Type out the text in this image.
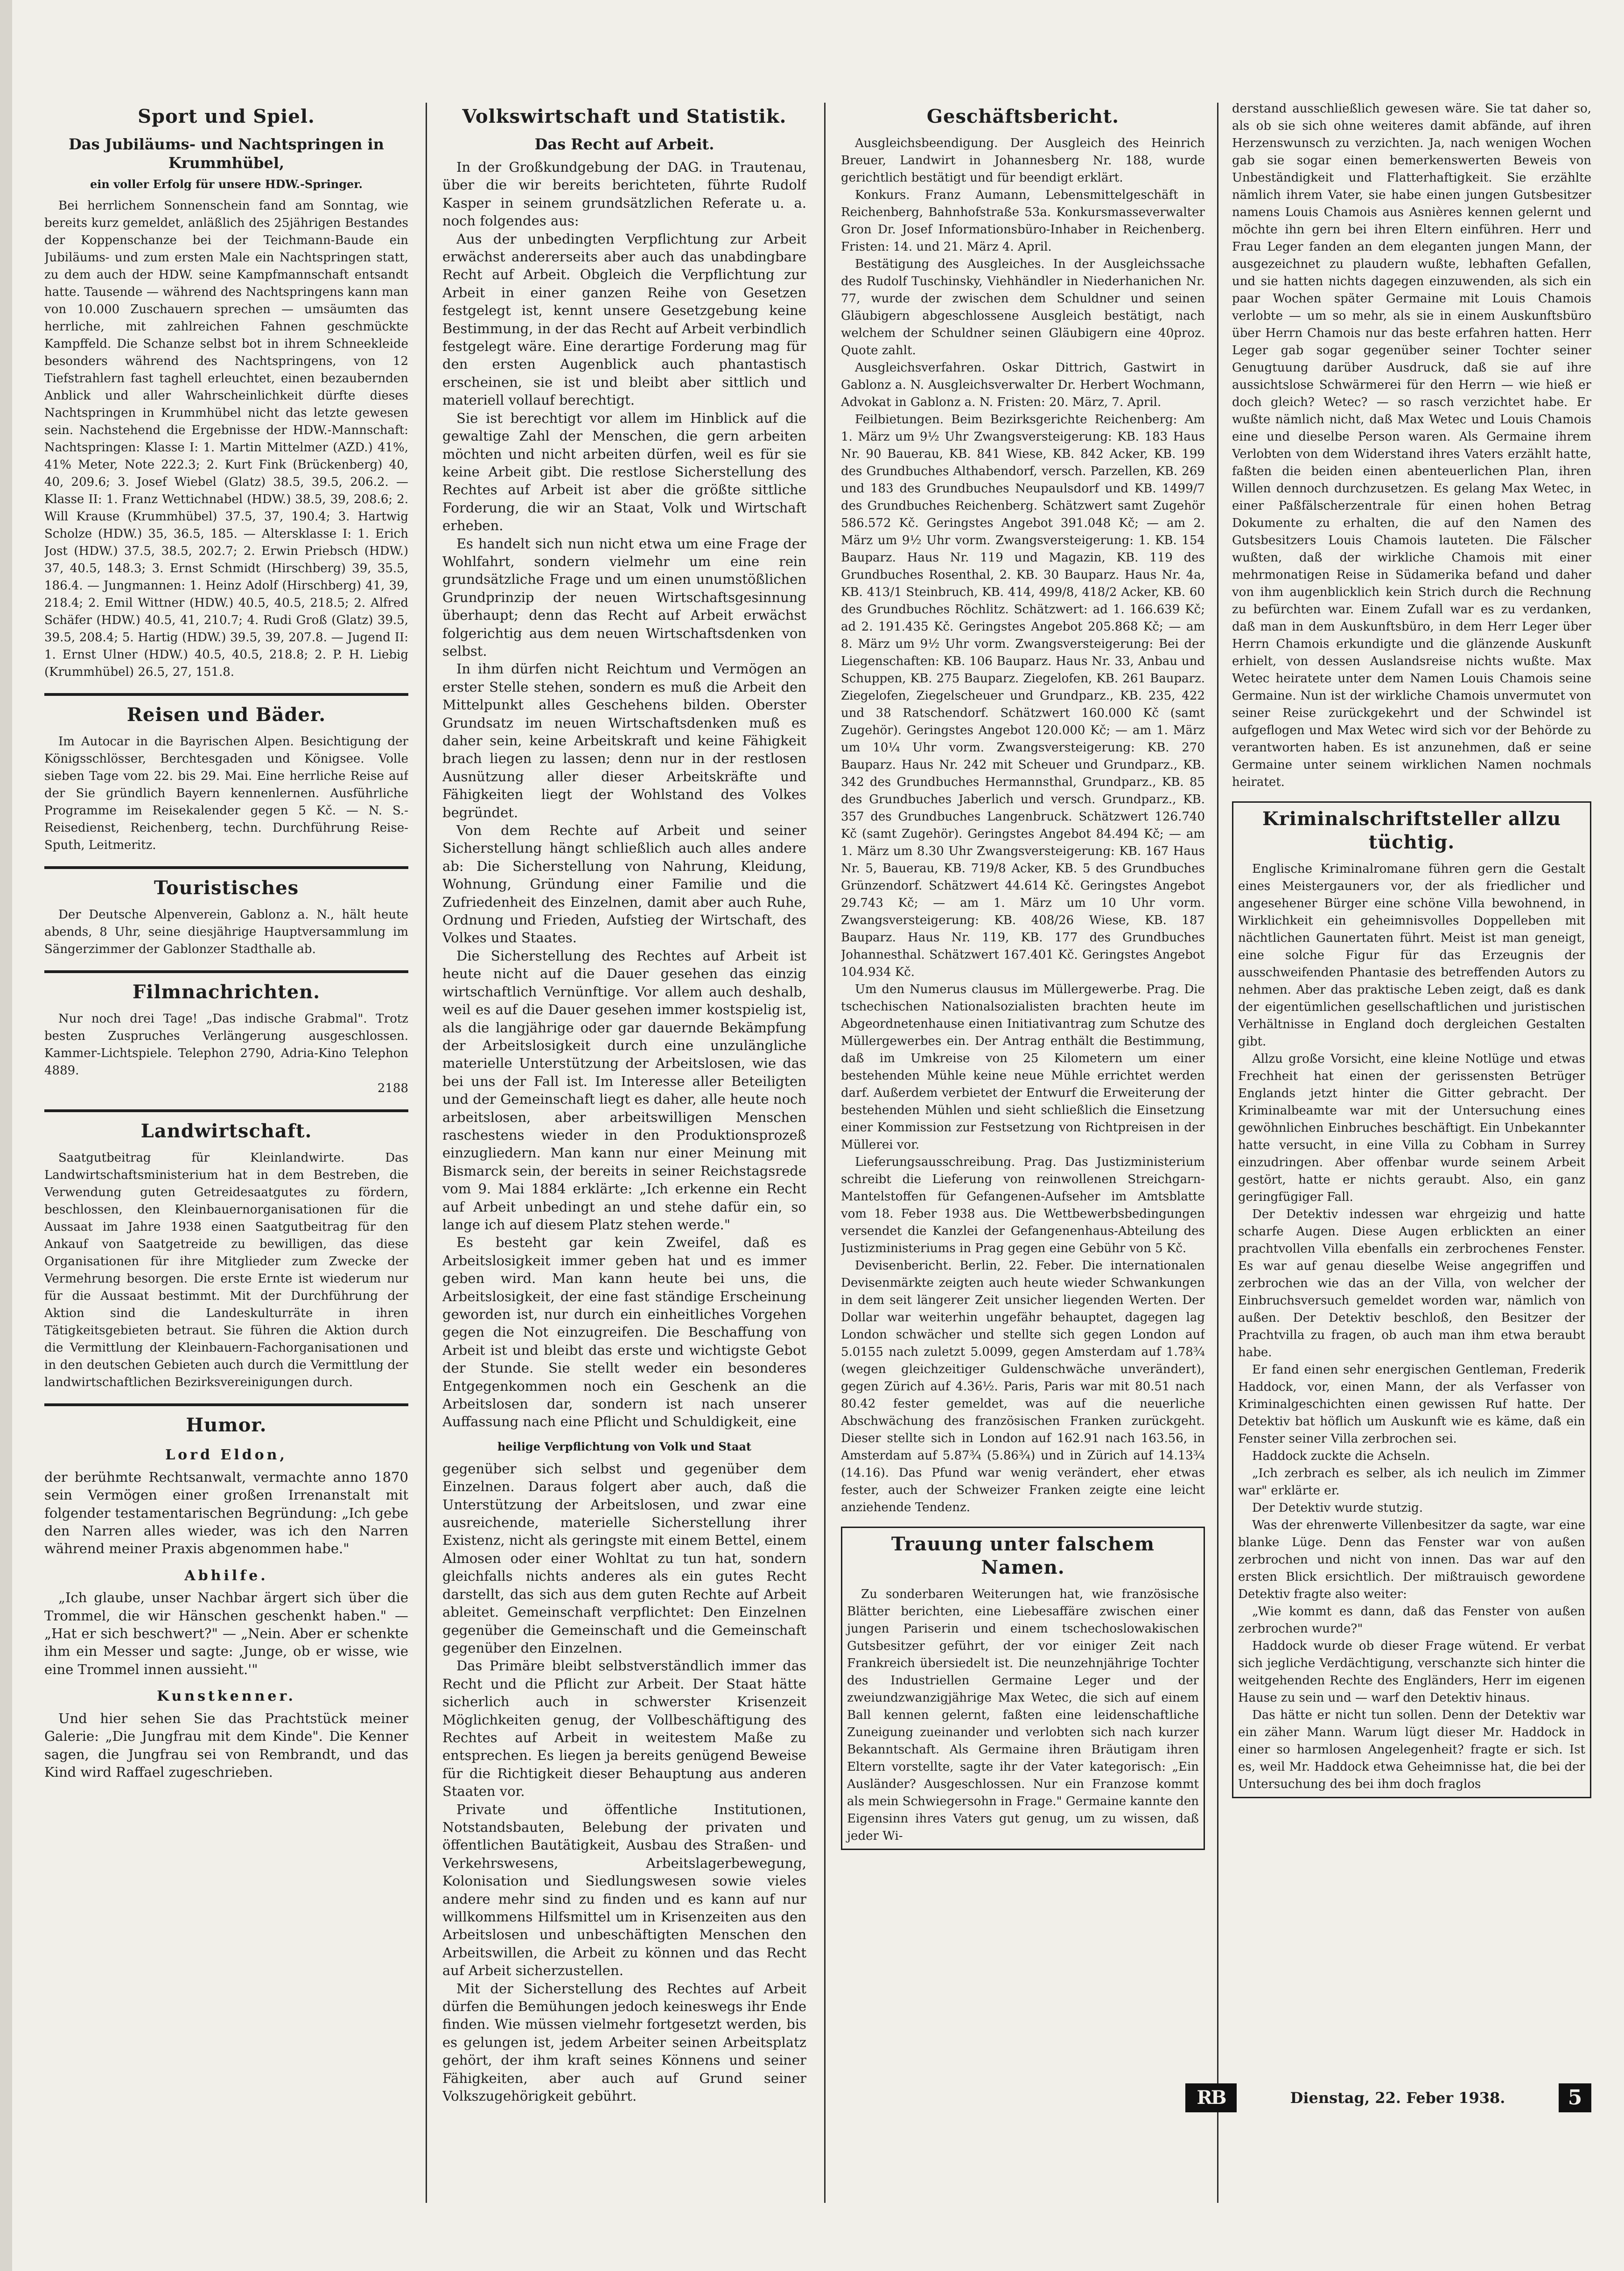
Sport und Spiel.
Das Jubiläums- und Nachtspringen in Krummhübel,
ein voller Erfolg für unsere HDW.-Springer.

Bei herrlichem Sonnenschein fand am Sonntag, wie bereits kurz gemeldet, anläßlich des 25jährigen Bestandes der Koppenschanze bei der Teichmann-Baude ein Jubiläums- und zum ersten Male ein Nachtspringen statt, zu dem auch der HDW. seine Kampfmannschaft entsandt hatte. Tausende — während des Nachtspringens kann man von 10.000 Zuschauern sprechen — umsäumten das herrliche, mit zahlreichen Fahnen geschmückte Kampffeld. Die Schanze selbst bot in ihrem Schneekleide besonders während des Nachtspringens, von 12 Tiefstrahlern fast taghell erleuchtet, einen bezaubernden Anblick und aller Wahrscheinlichkeit dürfte dieses Nachtspringen in Krummhübel nicht das letzte gewesen sein. Nachstehend die Ergebnisse der HDW.-Mannschaft: Nachtspringen: Klasse I: 1. Martin Mittelmer (AZD.) 41%, 41% Meter, Note 222.3; 2. Kurt Fink (Brückenberg) 40, 40, 209.6; 3. Josef Wiebel (Glatz) 38.5, 39.5, 206.2. — Klasse II: 1. Franz Wettichnabel (HDW.) 38.5, 39, 208.6; 2. Will Krause (Krummhübel) 37.5, 37, 190.4; 3. Hartwig Scholze (HDW.) 35, 36.5, 185. — Altersklasse I: 1. Erich Jost (HDW.) 37.5, 38.5, 202.7; 2. Erwin Priebsch (HDW.) 37, 40.5, 148.3; 3. Ernst Schmidt (Hirschberg) 39, 35.5, 186.4. — Jungmannen: 1. Heinz Adolf (Hirschberg) 41, 39, 218.4; 2. Emil Wittner (HDW.) 40.5, 40.5, 218.5; 2. Alfred Schäfer (HDW.) 40.5, 41, 210.7; 4. Rudi Groß (Glatz) 39.5, 39.5, 208.4; 5. Hartig (HDW.) 39.5, 39, 207.8. — Jugend II: 1. Ernst Ulner (HDW.) 40.5, 40.5, 218.8; 2. P. H. Liebig (Krummhübel) 26.5, 27, 151.8.

Reisen und Bäder.

Im Autocar in die Bayrischen Alpen. Besichtigung der Königsschlösser, Berchtesgaden und Königsee. Volle sieben Tage vom 22. bis 29. Mai. Eine herrliche Reise auf der Sie gründlich Bayern kennenlernen. Ausführliche Programme im Reisekalender gegen 5 Kč. — N. S.-Reisedienst, Reichenberg, techn. Durchführung Reise-Sputh, Leitmeritz.

Touristisches

Der Deutsche Alpenverein, Gablonz a. N., hält heute abends, 8 Uhr, seine diesjährige Hauptversammlung im Sängerzimmer der Gablonzer Stadthalle ab.

Filmnachrichten.

Nur noch drei Tage! „Das indische Grabmal". Trotz besten Zuspruches Verlängerung ausgeschlossen. Kammer-Lichtspiele. Telephon 2790, Adria-Kino Telephon 4889.

2188
Landwirtschaft.

Saatgutbeitrag für Kleinlandwirte. Das Landwirtschaftsministerium hat in dem Bestreben, die Verwendung guten Getreidesaatgutes zu fördern, beschlossen, den Kleinbauernorganisationen für die Aussaat im Jahre 1938 einen Saatgutbeitrag für den Ankauf von Saatgetreide zu bewilligen, das diese Organisationen für ihre Mitglieder zum Zwecke der Vermehrung besorgen. Die erste Ernte ist wiederum nur für die Aussaat bestimmt. Mit der Durchführung der Aktion sind die Landeskulturräte in ihren Tätigkeitsgebieten betraut. Sie führen die Aktion durch die Vermittlung der Kleinbauern-Fachorganisationen und in den deutschen Gebieten auch durch die Vermittlung der landwirtschaftlichen Bezirksvereinigungen durch.

Humor.
Lord Eldon,

der berühmte Rechtsanwalt, vermachte anno 1870 sein Vermögen einer großen Irrenanstalt mit folgender testamentarischen Begründung: „Ich gebe den Narren alles wieder, was ich den Narren während meiner Praxis abgenommen habe."

Abhilfe.

„Ich glaube, unser Nachbar ärgert sich über die Trommel, die wir Hänschen geschenkt haben." — „Hat er sich beschwert?" — „Nein. Aber er schenkte ihm ein Messer und sagte: ,Junge, ob er wisse, wie eine Trommel innen aussieht.'"

Kunstkenner.

Und hier sehen Sie das Prachtstück meiner Galerie: „Die Jungfrau mit dem Kinde". Die Kenner sagen, die Jungfrau sei von Rembrandt, und das Kind wird Raffael zugeschrieben.

Volkswirtschaft und Statistik.
Das Recht auf Arbeit.

In der Großkundgebung der DAG. in Trautenau, über die wir bereits berichteten, führte Rudolf Kasper in seinem grundsätzlichen Referate u. a. noch folgendes aus:

Aus der unbedingten Verpflichtung zur Arbeit erwächst andererseits aber auch das unabdingbare Recht auf Arbeit. Obgleich die Verpflichtung zur Arbeit in einer ganzen Reihe von Gesetzen festgelegt ist, kennt unsere Gesetzgebung keine Bestimmung, in der das Recht auf Arbeit verbindlich festgelegt wäre. Eine derartige Forderung mag für den ersten Augenblick auch phantastisch erscheinen, sie ist und bleibt aber sittlich und materiell vollauf berechtigt.

Sie ist berechtigt vor allem im Hinblick auf die gewaltige Zahl der Menschen, die gern arbeiten möchten und nicht arbeiten dürfen, weil es für sie keine Arbeit gibt. Die restlose Sicherstellung des Rechtes auf Arbeit ist aber die größte sittliche Forderung, die wir an Staat, Volk und Wirtschaft erheben.

Es handelt sich nun nicht etwa um eine Frage der Wohlfahrt, sondern vielmehr um eine rein grundsätzliche Frage und um einen unumstößlichen Grundprinzip der neuen Wirtschaftsgesinnung überhaupt; denn das Recht auf Arbeit erwächst folgerichtig aus dem neuen Wirtschaftsdenken von selbst.

In ihm dürfen nicht Reichtum und Vermögen an erster Stelle stehen, sondern es muß die Arbeit den Mittelpunkt alles Geschehens bilden. Oberster Grundsatz im neuen Wirtschaftsdenken muß es daher sein, keine Arbeitskraft und keine Fähigkeit brach liegen zu lassen; denn nur in der restlosen Ausnützung aller dieser Arbeitskräfte und Fähigkeiten liegt der Wohlstand des Volkes begründet.

Von dem Rechte auf Arbeit und seiner Sicherstellung hängt schließlich auch alles andere ab: Die Sicherstellung von Nahrung, Kleidung, Wohnung, Gründung einer Familie und die Zufriedenheit des Einzelnen, damit aber auch Ruhe, Ordnung und Frieden, Aufstieg der Wirtschaft, des Volkes und Staates.

Die Sicherstellung des Rechtes auf Arbeit ist heute nicht auf die Dauer gesehen das einzig wirtschaftlich Vernünftige. Vor allem auch deshalb, weil es auf die Dauer gesehen immer kostspielig ist, als die langjährige oder gar dauernde Bekämpfung der Arbeitslosigkeit durch eine unzulängliche materielle Unterstützung der Arbeitslosen, wie das bei uns der Fall ist. Im Interesse aller Beteiligten und der Gemeinschaft liegt es daher, alle heute noch arbeitslosen, aber arbeitswilligen Menschen raschestens wieder in den Produktionsprozeß einzugliedern. Man kann nur einer Meinung mit Bismarck sein, der bereits in seiner Reichstagsrede vom 9. Mai 1884 erklärte: „Ich erkenne ein Recht auf Arbeit unbedingt an und stehe dafür ein, so lange ich auf diesem Platz stehen werde."

Es besteht gar kein Zweifel, daß es Arbeitslosigkeit immer geben hat und es immer geben wird. Man kann heute bei uns, die Arbeitslosigkeit, der eine fast ständige Erscheinung geworden ist, nur durch ein einheitliches Vorgehen gegen die Not einzugreifen. Die Beschaffung von Arbeit ist und bleibt das erste und wichtigste Gebot der Stunde. Sie stellt weder ein besonderes Entgegenkommen noch ein Geschenk an die Arbeitslosen dar, sondern ist nach unserer Auffassung nach eine Pflicht und Schuldigkeit, eine

heilige Verpflichtung von Volk und Staat

gegenüber sich selbst und gegenüber dem Einzelnen. Daraus folgert aber auch, daß die Unterstützung der Arbeitslosen, und zwar eine ausreichende, materielle Sicherstellung ihrer Existenz, nicht als geringste mit einem Bettel, einem Almosen oder einer Wohltat zu tun hat, sondern gleichfalls nichts anderes als ein gutes Recht darstellt, das sich aus dem guten Rechte auf Arbeit ableitet. Gemeinschaft verpflichtet: Den Einzelnen gegenüber die Gemeinschaft und die Gemeinschaft gegenüber den Einzelnen.

Das Primäre bleibt selbstverständlich immer das Recht und die Pflicht zur Arbeit. Der Staat hätte sicherlich auch in schwerster Krisenzeit Möglichkeiten genug, der Vollbeschäftigung des Rechtes auf Arbeit in weitestem Maße zu entsprechen. Es liegen ja bereits genügend Beweise für die Richtigkeit dieser Behauptung aus anderen Staaten vor.

Private und öffentliche Institutionen, Notstandsbauten, Belebung der privaten und öffentlichen Bautätigkeit, Ausbau des Straßen- und Verkehrswesens, Arbeitslagerbewegung, Kolonisation und Siedlungswesen sowie vieles andere mehr sind zu finden und es kann auf nur willkommens Hilfsmittel um in Krisenzeiten aus den Arbeitslosen und unbeschäftigten Menschen den Arbeitswillen, die Arbeit zu können und das Recht auf Arbeit sicherzustellen.

Mit der Sicherstellung des Rechtes auf Arbeit dürfen die Bemühungen jedoch keineswegs ihr Ende finden. Wie müssen vielmehr fortgesetzt werden, bis es gelungen ist, jedem Arbeiter seinen Arbeitsplatz gehört, der ihm kraft seines Könnens und seiner Fähigkeiten, aber auch auf Grund seiner Volkszugehörigkeit gebührt.

Geschäftsbericht.

Ausgleichsbeendigung. Der Ausgleich des Heinrich Breuer, Landwirt in Johannesberg Nr. 188, wurde gerichtlich bestätigt und für beendigt erklärt.

Konkurs. Franz Aumann, Lebensmittelgeschäft in Reichenberg, Bahnhofstraße 53a. Konkursmasseverwalter Gron Dr. Josef Informationsbüro-Inhaber in Reichenberg. Fristen: 14. und 21. März 4. April.

Bestätigung des Ausgleiches. In der Ausgleichssache des Rudolf Tuschinsky, Viehhändler in Niederhanichen Nr. 77, wurde der zwischen dem Schuldner und seinen Gläubigern abgeschlossene Ausgleich bestätigt, nach welchem der Schuldner seinen Gläubigern eine 40proz. Quote zahlt.

Ausgleichsverfahren. Oskar Dittrich, Gastwirt in Gablonz a. N. Ausgleichsverwalter Dr. Herbert Wochmann, Advokat in Gablonz a. N. Fristen: 20. März, 7. April.

Feilbietungen. Beim Bezirksgerichte Reichenberg: Am 1. März um 9½ Uhr Zwangsversteigerung: KB. 183 Haus Nr. 90 Bauerau, KB. 841 Wiese, KB. 842 Acker, KB. 199 des Grundbuches Althabendorf, versch. Parzellen, KB. 269 und 183 des Grundbuches Neupaulsdorf und KB. 1499/7 des Grundbuches Reichenberg. Schätzwert samt Zugehör 586.572 Kč. Geringstes Angebot 391.048 Kč; — am 2. März um 9½ Uhr vorm. Zwangsversteigerung: 1. KB. 154 Bauparz. Haus Nr. 119 und Magazin, KB. 119 des Grundbuches Rosenthal, 2. KB. 30 Bauparz. Haus Nr. 4a, KB. 413/1 Steinbruch, KB. 414, 499/8, 418/2 Acker, KB. 60 des Grundbuches Röchlitz. Schätzwert: ad 1. 166.639 Kč; ad 2. 191.435 Kč. Geringstes Angebot 205.868 Kč; — am 8. März um 9½ Uhr vorm. Zwangsversteigerung: Bei der Liegenschaften: KB. 106 Bauparz. Haus Nr. 33, Anbau und Schuppen, KB. 275 Bauparz. Ziegelofen, KB. 261 Bauparz. Ziegelofen, Ziegelscheuer und Grundparz., KB. 235, 422 und 38 Ratschendorf. Schätzwert 160.000 Kč (samt Zugehör). Geringstes Angebot 120.000 Kč; — am 1. März um 10¼ Uhr vorm. Zwangsversteigerung: KB. 270 Bauparz. Haus Nr. 242 mit Scheuer und Grundparz., KB. 342 des Grundbuches Hermannsthal, Grundparz., KB. 85 des Grundbuches Jaberlich und versch. Grundparz., KB. 357 des Grundbuches Langenbruck. Schätzwert 126.740 Kč (samt Zugehör). Geringstes Angebot 84.494 Kč; — am 1. März um 8.30 Uhr Zwangsversteigerung: KB. 167 Haus Nr. 5, Bauerau, KB. 719/8 Acker, KB. 5 des Grundbuches Grünzendorf. Schätzwert 44.614 Kč. Geringstes Angebot 29.743 Kč; — am 1. März um 10 Uhr vorm. Zwangsversteigerung: KB. 408/26 Wiese, KB. 187 Bauparz. Haus Nr. 119, KB. 177 des Grundbuches Johannesthal. Schätzwert 167.401 Kč. Geringstes Angebot 104.934 Kč.

Um den Numerus clausus im Müllergewerbe. Prag. Die tschechischen Nationalsozialisten brachten heute im Abgeordnetenhause einen Initiativantrag zum Schutze des Müllergewerbes ein. Der Antrag enthält die Bestimmung, daß im Umkreise von 25 Kilometern um einer bestehenden Mühle keine neue Mühle errichtet werden darf. Außerdem verbietet der Entwurf die Erweiterung der bestehenden Mühlen und sieht schließlich die Einsetzung einer Kommission zur Festsetzung von Richtpreisen in der Müllerei vor.

Lieferungsausschreibung. Prag. Das Justizministerium schreibt die Lieferung von reinwollenen Streichgarn-Mantelstoffen für Gefangenen-Aufseher im Amtsblatte vom 18. Feber 1938 aus. Die Wettbewerbsbedingungen versendet die Kanzlei der Gefangenenhaus-Abteilung des Justizministeriums in Prag gegen eine Gebühr von 5 Kč.

Devisenbericht. Berlin, 22. Feber. Die internationalen Devisenmärkte zeigten auch heute wieder Schwankungen in dem seit längerer Zeit unsicher liegenden Werten. Der Dollar war weiterhin ungefähr behauptet, dagegen lag London schwächer und stellte sich gegen London auf 5.0155 nach zuletzt 5.0099, gegen Amsterdam auf 1.78¾ (wegen gleichzeitiger Guldenschwäche unverändert), gegen Zürich auf 4.36½. Paris, Paris war mit 80.51 nach 80.42 fester gemeldet, was auf die neuerliche Abschwächung des französischen Franken zurückgeht. Dieser stellte sich in London auf 162.91 nach 163.56, in Amsterdam auf 5.87¾ (5.86¾) und in Zürich auf 14.13¾ (14.16). Das Pfund war wenig verändert, eher etwas fester, auch der Schweizer Franken zeigte eine leicht anziehende Tendenz.

Trauung unter falschem Namen.

Zu sonderbaren Weiterungen hat, wie französische Blätter berichten, eine Liebesaffäre zwischen einer jungen Pariserin und einem tschechoslowakischen Gutsbesitzer geführt, der vor einiger Zeit nach Frankreich übersiedelt ist. Die neunzehnjährige Tochter des Industriellen Germaine Leger und der zweiundzwanzigjährige Max Wetec, die sich auf einem Ball kennen gelernt, faßten eine leidenschaftliche Zuneigung zueinander und verlobten sich nach kurzer Bekanntschaft. Als Germaine ihren Bräutigam ihren Eltern vorstellte, sagte ihr der Vater kategorisch: „Ein Ausländer? Ausgeschlossen. Nur ein Franzose kommt als mein Schwiegersohn in Frage." Germaine kannte den Eigensinn ihres Vaters gut genug, um zu wissen, daß jeder Wi-

derstand ausschließlich gewesen wäre. Sie tat daher so, als ob sie sich ohne weiteres damit abfände, auf ihren Herzenswunsch zu verzichten. Ja, nach wenigen Wochen gab sie sogar einen bemerkenswerten Beweis von Unbeständigkeit und Flatterhaftigkeit. Sie erzählte nämlich ihrem Vater, sie habe einen jungen Gutsbesitzer namens Louis Chamois aus Asnières kennen gelernt und möchte ihn gern bei ihren Eltern einführen. Herr und Frau Leger fanden an dem eleganten jungen Mann, der ausgezeichnet zu plaudern wußte, lebhaften Gefallen, und sie hatten nichts dagegen einzuwenden, als sich ein paar Wochen später Germaine mit Louis Chamois verlobte — um so mehr, als sie in einem Auskunftsbüro über Herrn Chamois nur das beste erfahren hatten. Herr Leger gab sogar gegenüber seiner Tochter seiner Genugtuung darüber Ausdruck, daß sie auf ihre aussichtslose Schwärmerei für den Herrn — wie hieß er doch gleich? Wetec? — so rasch verzichtet habe. Er wußte nämlich nicht, daß Max Wetec und Louis Chamois eine und dieselbe Person waren. Als Germaine ihrem Verlobten von dem Widerstand ihres Vaters erzählt hatte, faßten die beiden einen abenteuerlichen Plan, ihren Willen dennoch durchzusetzen. Es gelang Max Wetec, in einer Paßfälscherzentrale für einen hohen Betrag Dokumente zu erhalten, die auf den Namen des Gutsbesitzers Louis Chamois lauteten. Die Fälscher wußten, daß der wirkliche Chamois mit einer mehrmonatigen Reise in Südamerika befand und daher von ihm augenblicklich kein Strich durch die Rechnung zu befürchten war. Einem Zufall war es zu verdanken, daß man in dem Auskunftsbüro, in dem Herr Leger über Herrn Chamois erkundigte und die glänzende Auskunft erhielt, von dessen Auslandsreise nichts wußte. Max Wetec heiratete unter dem Namen Louis Chamois seine Germaine. Nun ist der wirkliche Chamois unvermutet von seiner Reise zurückgekehrt und der Schwindel ist aufgeflogen und Max Wetec wird sich vor der Behörde zu verantworten haben. Es ist anzunehmen, daß er seine Germaine unter seinem wirklichen Namen nochmals heiratet.

Kriminalschriftsteller allzu tüchtig.

Englische Kriminalromane führen gern die Gestalt eines Meistergauners vor, der als friedlicher und angesehener Bürger eine schöne Villa bewohnend, in Wirklichkeit ein geheimnisvolles Doppelleben mit nächtlichen Gaunertaten führt. Meist ist man geneigt, eine solche Figur für das Erzeugnis der ausschweifenden Phantasie des betreffenden Autors zu nehmen. Aber das praktische Leben zeigt, daß es dank der eigentümlichen gesellschaftlichen und juristischen Verhältnisse in England doch dergleichen Gestalten gibt.

Allzu große Vorsicht, eine kleine Notlüge und etwas Frechheit hat einen der gerissensten Betrüger Englands jetzt hinter die Gitter gebracht. Der Kriminalbeamte war mit der Untersuchung eines gewöhnlichen Einbruches beschäftigt. Ein Unbekannter hatte versucht, in eine Villa zu Cobham in Surrey einzudringen. Aber offenbar wurde seinem Arbeit gestört, hatte er nichts geraubt. Also, ein ganz geringfügiger Fall.

Der Detektiv indessen war ehrgeizig und hatte scharfe Augen. Diese Augen erblickten an einer prachtvollen Villa ebenfalls ein zerbrochenes Fenster. Es war auf genau dieselbe Weise angegriffen und zerbrochen wie das an der Villa, von welcher der Einbruchsversuch gemeldet worden war, nämlich von außen. Der Detektiv beschloß, den Besitzer der Prachtvilla zu fragen, ob auch man ihm etwa beraubt habe.

Er fand einen sehr energischen Gentleman, Frederik Haddock, vor, einen Mann, der als Verfasser von Kriminalgeschichten einen gewissen Ruf hatte. Der Detektiv bat höflich um Auskunft wie es käme, daß ein Fenster seiner Villa zerbrochen sei.

Haddock zuckte die Achseln.

„Ich zerbrach es selber, als ich neulich im Zimmer war" erklärte er.

Der Detektiv wurde stutzig.

Was der ehrenwerte Villenbesitzer da sagte, war eine blanke Lüge. Denn das Fenster war von außen zerbrochen und nicht von innen. Das war auf den ersten Blick ersichtlich. Der mißtrauisch gewordene Detektiv fragte also weiter:

„Wie kommt es dann, daß das Fenster von außen zerbrochen wurde?"

Haddock wurde ob dieser Frage wütend. Er verbat sich jegliche Verdächtigung, verschanzte sich hinter die weitgehenden Rechte des Engländers, Herr im eigenen Hause zu sein und — warf den Detektiv hinaus.

Das hätte er nicht tun sollen. Denn der Detektiv war ein zäher Mann. Warum lügt dieser Mr. Haddock in einer so harmlosen Angelegenheit? fragte er sich. Ist es, weil Mr. Haddock etwa Geheimnisse hat, die bei der Untersuchung des bei ihm doch fraglos

RB	Dienstag, 22. Feber 1938.	5
